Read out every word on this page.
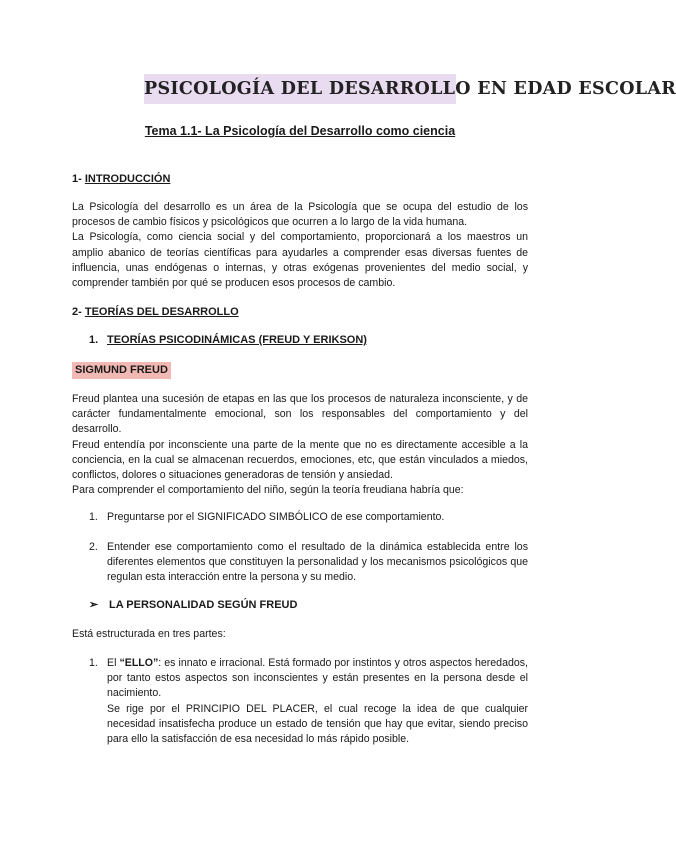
PSICOLOGÍA DEL DESARROLLO EN EDAD ESCOLAR
Tema 1.1- La Psicología del Desarrollo como ciencia
1- INTRODUCCIÓN

La Psicología del desarrollo es un área de la Psicología que se ocupa del estudio de los procesos de cambio físicos y psicológicos que ocurren a lo largo de la vida humana.

La Psicología, como ciencia social y del comportamiento, proporcionará a los maestros un amplio abanico de teorías científicas para ayudarles a comprender esas diversas fuentes de influencia, unas endógenas o internas, y otras exógenas provenientes del medio social, y comprender también por qué se producen esos procesos de cambio.

2- TEORÍAS DEL DESARROLLO
1. TEORÍAS PSICODINÁMICAS (FREUD Y ERIKSON)
SIGMUND FREUD

Freud plantea una sucesión de etapas en las que los procesos de naturaleza inconsciente, y de carácter fundamentalmente emocional, son los responsables del comportamiento y del desarrollo.

Freud entendía por inconsciente una parte de la mente que no es directamente accesible a la conciencia, en la cual se almacenan recuerdos, emociones, etc, que están vinculados a miedos, conflictos, dolores o situaciones generadoras de tensión y ansiedad.

Para comprender el comportamiento del niño, según la teoría freudiana habría que:

1. Preguntarse por el SIGNIFICADO SIMBÓLICO de ese comportamiento.
2. Entender ese comportamiento como el resultado de la dinámica establecida entre los diferentes elementos que constituyen la personalidad y los mecanismos psicológicos que regulan esta interacción entre la persona y su medio.
➢ LA PERSONALIDAD SEGÚN FREUD
Está estructurada en tres partes:
1. El “ELLO”: es innato e irracional. Está formado por instintos y otros aspectos heredados, por tanto estos aspectos son inconscientes y están presentes en la persona desde el nacimiento.

Se rige por el PRINCIPIO DEL PLACER, el cual recoge la idea de que cualquier necesidad insatisfecha produce un estado de tensión que hay que evitar, siendo preciso para ello la satisfacción de esa necesidad lo más rápido posible.
